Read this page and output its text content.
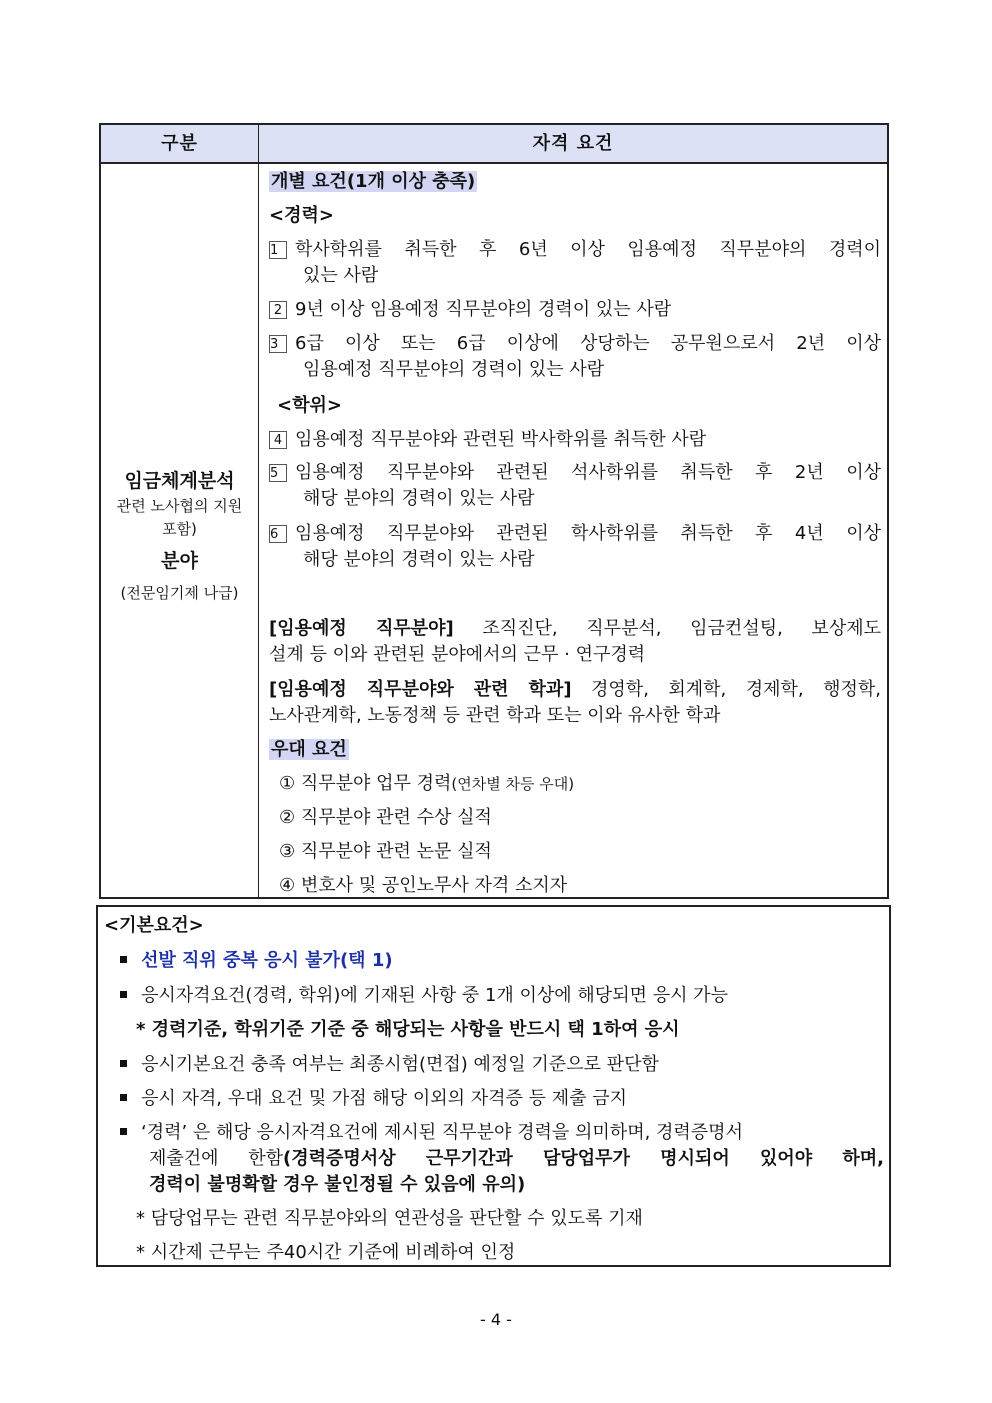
구분	자격 요건
임금체계분석
관련 노사협의 지원
포함)
분야
(전문임기제 나급)
개별 요건(1개 이상 충족)
<경력>
1 학사학위를 취득한 후 6년 이상 임용예정 직무분야의 경력이
있는 사람
2 9년 이상 임용예정 직무분야의 경력이 있는 사람
3 6급 이상 또는 6급 이상에 상당하는 공무원으로서 2년 이상
임용예정 직무분야의 경력이 있는 사람
<학위>
4 임용예정 직무분야와 관련된 박사학위를 취득한 사람
5 임용예정 직무분야와 관련된 석사학위를 취득한 후 2년 이상
해당 분야의 경력이 있는 사람
6 임용예정 직무분야와 관련된 학사학위를 취득한 후 4년 이상
해당 분야의 경력이 있는 사람
[임용예정 직무분야] 조직진단, 직무분석, 임금컨설팅, 보상제도
설계 등 이와 관련된 분야에서의 근무 · 연구경력
[임용예정 직무분야와 관련 학과] 경영학, 회계학, 경제학, 행정학,
노사관계학, 노동정책 등 관련 학과 또는 이와 유사한 학과
우대 요건
① 직무분야 업무 경력(연차별 차등 우대)
② 직무분야 관련 수상 실적
③ 직무분야 관련 논문 실적
④ 변호사 및 공인노무사 자격 소지자
<기본요건>
선발 직위 중복 응시 불가(택 1)
응시자격요건(경력, 학위)에 기재된 사항 중 1개 이상에 해당되면 응시 가능
* 경력기준, 학위기준 기준 중 해당되는 사항을 반드시 택 1하여 응시
응시기본요건 충족 여부는 최종시험(면접) 예정일 기준으로 판단함
응시 자격, 우대 요건 및 가점 해당 이외의 자격증 등 제출 금지
‘경력’ 은 해당 응시자격요건에 제시된 직무분야 경력을 의미하며, 경력증명서
제출건에 한함(경력증명서상 근무기간과 담당업무가 명시되어 있어야 하며,
경력이 불명확할 경우 불인정될 수 있음에 유의)
* 담당업무는 관련 직무분야와의 연관성을 판단할 수 있도록 기재
* 시간제 근무는 주40시간 기준에 비례하여 인정
- 4 -
